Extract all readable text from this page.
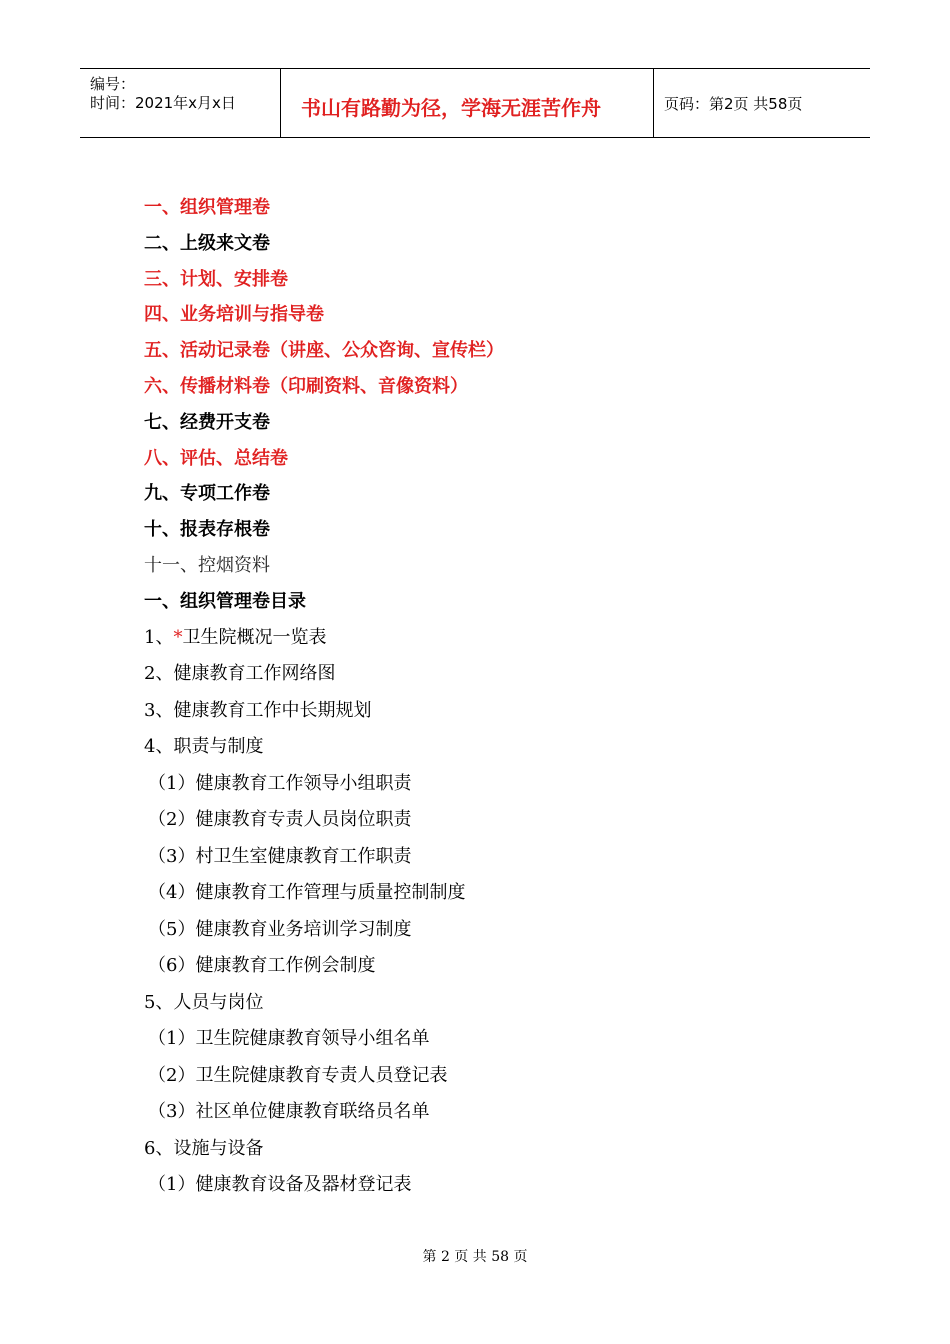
编号：
时间：2021年x月x日	书山有路勤为径，学海无涯苦作舟	页码：第2页 共58页
一、组织管理卷
二、上级来文卷
三、计划、安排卷
四、业务培训与指导卷
五、活动记录卷（讲座、公众咨询、宣传栏）
六、传播材料卷（印刷资料、音像资料）
七、经费开支卷
八、评估、总结卷
九、专项工作卷
十、报表存根卷
十一、控烟资料
一、组织管理卷目录
1、*卫生院概况一览表
2、健康教育工作网络图
3、健康教育工作中长期规划
4、职责与制度
（1）健康教育工作领导小组职责
（2）健康教育专责人员岗位职责
（3）村卫生室健康教育工作职责
（4）健康教育工作管理与质量控制制度
（5）健康教育业务培训学习制度
（6）健康教育工作例会制度
5、人员与岗位
（1）卫生院健康教育领导小组名单
（2）卫生院健康教育专责人员登记表
（3）社区单位健康教育联络员名单
6、设施与设备
（1）健康教育设备及器材登记表
第 2 页 共 58 页
